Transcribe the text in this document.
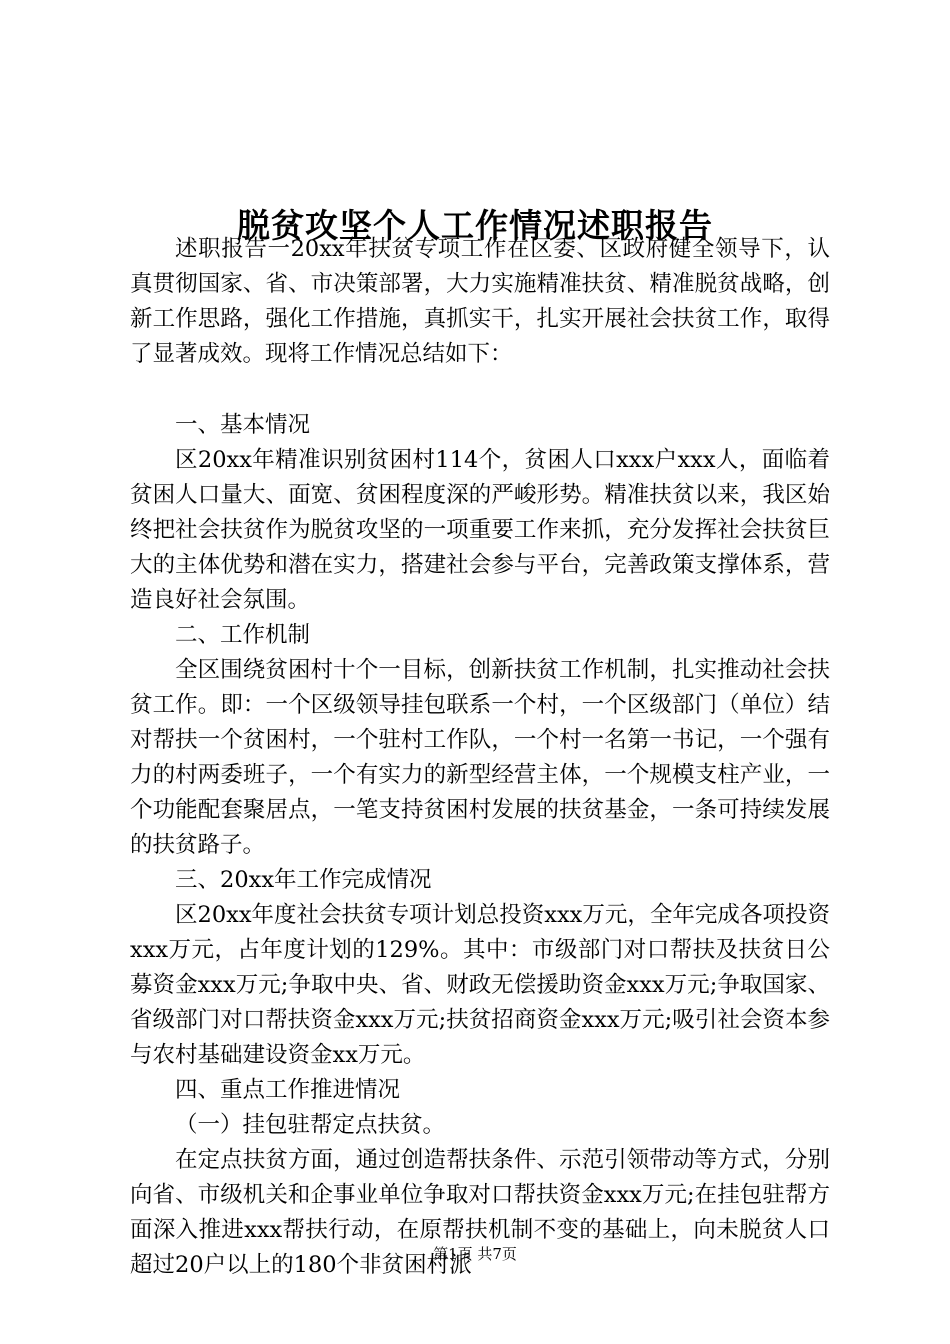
脱贫攻坚个人工作情况述职报告

述职报告一20xx年扶贫专项工作在区委、区政府健全领导下，认真贯彻国家、省、市决策部署，大力实施精准扶贫、精准脱贫战略，创新工作思路，强化工作措施，真抓实干，扎实开展社会扶贫工作，取得了显著成效。现将工作情况总结如下：

一、基本情况

区20xx年精准识别贫困村114个，贫困人口xxx户xxx人，面临着贫困人口量大、面宽、贫困程度深的严峻形势。精准扶贫以来，我区始终把社会扶贫作为脱贫攻坚的一项重要工作来抓，充分发挥社会扶贫巨大的主体优势和潜在实力，搭建社会参与平台，完善政策支撑体系，营造良好社会氛围。

二、工作机制

全区围绕贫困村十个一目标，创新扶贫工作机制，扎实推动社会扶贫工作。即：一个区级领导挂包联系一个村，一个区级部门（单位）结对帮扶一个贫困村，一个驻村工作队，一个村一名第一书记，一个强有力的村两委班子，一个有实力的新型经营主体，一个规模支柱产业，一个功能配套聚居点，一笔支持贫困村发展的扶贫基金，一条可持续发展的扶贫路子。

三、20xx年工作完成情况

区20xx年度社会扶贫专项计划总投资xxx万元，全年完成各项投资xxx万元，占年度计划的129%。其中：市级部门对口帮扶及扶贫日公募资金xxx万元;争取中央、省、财政无偿援助资金xxx万元;争取国家、省级部门对口帮扶资金xxx万元;扶贫招商资金xxx万元;吸引社会资本参与农村基础建设资金xx万元。

四、重点工作推进情况

（一）挂包驻帮定点扶贫。

在定点扶贫方面，通过创造帮扶条件、示范引领带动等方式，分别向省、市级机关和企事业单位争取对口帮扶资金xxx万元;在挂包驻帮方面深入推进xxx帮扶行动，在原帮扶机制不变的基础上，向未脱贫人口超过20户以上的180个非贫困村派

第1页 共7页
